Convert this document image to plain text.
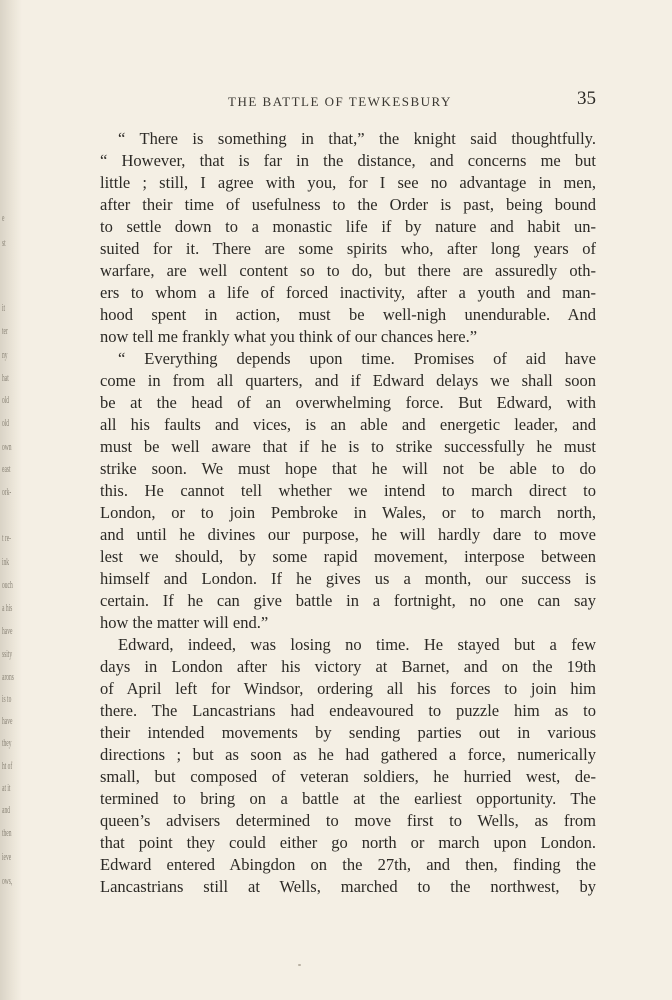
e
st
it
ter
ny
hat
old
old
own
east
ork-
t re-
ink
ouch
a his
have
ssity
arons
is to
have
they
ht of
at it
and
then
ieve
ows,
THE BATTLE OF TEWKESBURY	35
“ There is something in that,” the knight said thoughtfully.
“ However, that is far in the distance, and concerns me but
little ; still, I agree with you, for I see no advantage in men,
after their time of usefulness to the Order is past, being bound
to settle down to a monastic life if by nature and habit un-
suited for it. There are some spirits who, after long years of
warfare, are well content so to do, but there are assuredly oth-
ers to whom a life of forced inactivity, after a youth and man-
hood spent in action, must be well-nigh unendurable. And
now tell me frankly what you think of our chances here.”
“ Everything depends upon time. Promises of aid have
come in from all quarters, and if Edward delays we shall soon
be at the head of an overwhelming force. But Edward, with
all his faults and vices, is an able and energetic leader, and
must be well aware that if he is to strike successfully he must
strike soon. We must hope that he will not be able to do
this. He cannot tell whether we intend to march direct to
London, or to join Pembroke in Wales, or to march north,
and until he divines our purpose, he will hardly dare to move
lest we should, by some rapid movement, interpose between
himself and London. If he gives us a month, our success is
certain. If he can give battle in a fortnight, no one can say
how the matter will end.”
Edward, indeed, was losing no time. He stayed but a few
days in London after his victory at Barnet, and on the 19th
of April left for Windsor, ordering all his forces to join him
there. The Lancastrians had endeavoured to puzzle him as to
their intended movements by sending parties out in various
directions ; but as soon as he had gathered a force, numerically
small, but composed of veteran soldiers, he hurried west, de-
termined to bring on a battle at the earliest opportunity. The
queen’s advisers determined to move first to Wells, as from
that point they could either go north or march upon London.
Edward entered Abingdon on the 27th, and then, finding the
Lancastrians still at Wells, marched to the northwest, by
